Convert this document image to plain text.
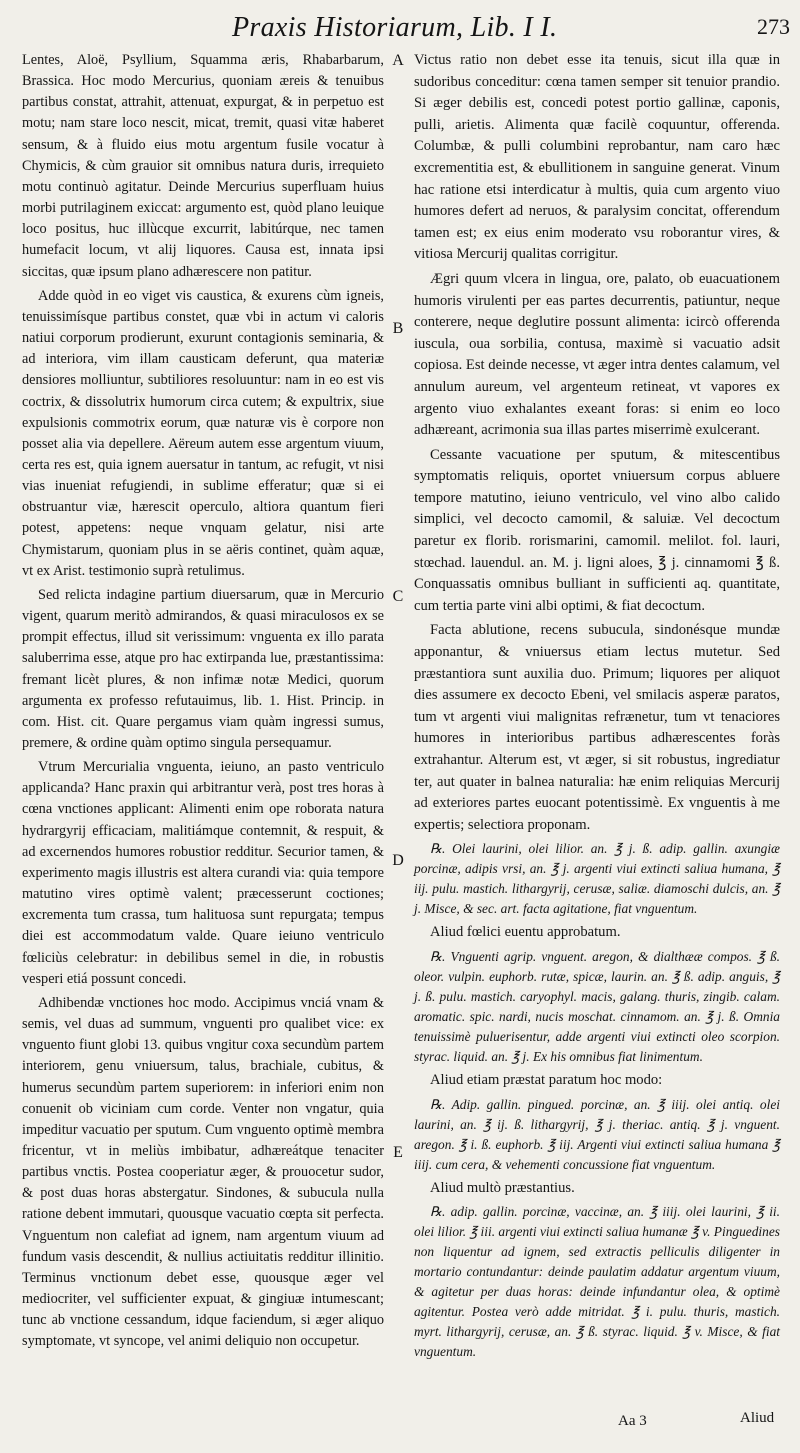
Praxis Historiarum, Lib. I I.	273
A
B
C
D
E

Lentes, Aloë, Psyllium, Squamma æris, Rhabarbarum, Brassica. Hoc modo Mercurius, quoniam æreis & tenuibus partibus constat, attrahit, attenuat, expurgat, & in perpetuo est motu; nam stare loco nescit, micat, tremit, quasi vitæ haberet sensum, & à fluido eius motu argentum fusile vocatur à Chymicis, & cùm grauior sit omnibus natura duris, irrequieto motu continuò agitatur. Deinde Mercurius superfluam huius morbi putrilaginem exiccat: argumento est, quòd plano leuique loco positus, huc illùcque excurrit, labitúrque, nec tamen humefacit locum, vt alij liquores. Causa est, innata ipsi siccitas, quæ ipsum plano adhærescere non patitur.

Adde quòd in eo viget vis caustica, & exurens cùm igneis, tenuissimísque partibus constet, quæ vbi in actum vi caloris natiui corporum prodierunt, exurunt contagionis seminaria, & ad interiora, vim illam causticam deferunt, qua materiæ densiores molliuntur, subtiliores resoluuntur: nam in eo est vis coctrix, & dissolutrix humorum circa cutem; & expultrix, siue expulsionis commotrix eorum, quæ naturæ vis è corpore non posset alia via depellere. Aëreum autem esse argentum viuum, certa res est, quia ignem auersatur in tantum, ac refugit, vt nisi vias inueniat refugiendi, in sublime efferatur; quæ si ei obstruantur viæ, hærescit operculo, altiora quantum fieri potest, appetens: neque vnquam gelatur, nisi arte Chymistarum, quoniam plus in se aëris continet, quàm aquæ, vt ex Arist. testimonio suprà retulimus.

Sed relicta indagine partium diuersarum, quæ in Mercurio vigent, quarum meritò admirandos, & quasi miraculosos ex se prompit effectus, illud sit verissimum: vnguenta ex illo parata saluberrima esse, atque pro hac extirpanda lue, præstantissima: fremant licèt plures, & non infimæ notæ Medici, quorum argumenta ex professo refutauimus, lib. 1. Hist. Princip. in com. Hist. cit. Quare pergamus viam quàm ingressi sumus, premere, & ordine quàm optimo singula persequamur.

Vtrum Mercurialia vnguenta, ieiuno, an pasto ventriculo applicanda? Hanc praxin qui arbitrantur verà, post tres horas à cœna vnctiones applicant: Alimenti enim ope roborata natura hydrargyrij efficaciam, malitiámque contemnit, & respuit, & ad excernendos humores robustior redditur. Securior tamen, & experimento magis illustris est altera curandi via: quia tempore matutino vires optimè valent; præcesserunt coctiones; excrementa tum crassa, tum halituosa sunt repurgata; tempus diei est accommodatum valde. Quare ieiuno ventriculo fœliciùs celebratur: in debilibus semel in die, in robustis vesperi etiá possunt concedi.

Adhibendæ vnctiones hoc modo. Accipimus vnciá vnam & semis, vel duas ad summum, vnguenti pro qualibet vice: ex vnguento fiunt globi 13. quibus vngitur coxa secundùm partem interiorem, genu vniuersum, talus, brachiale, cubitus, & humerus secundùm partem superiorem: in inferiori enim non conuenit ob viciniam cum corde. Venter non vngatur, quia impeditur vacuatio per sputum. Cum vnguento optimè membra fricentur, vt in meliùs imbibatur, adhæreátque tenaciter partibus vnctis. Postea cooperiatur æger, & prouocetur sudor, & post duas horas abstergatur. Sindones, & subucula nulla ratione debent immutari, quousque vacuatio cœpta sit perfecta. Vnguentum non calefiat ad ignem, nam argentum viuum ad fundum vasis descendit, & nullius actiuitatis redditur illinitio. Terminus vnctionum debet esse, quousque æger vel mediocriter, vel sufficienter expuat, & gingiuæ intumescant; tunc ab vnctione cessandum, idque faciendum, si æger aliquo symptomate, vt syncope, vel animi deliquio non occupetur.

Victus ratio non debet esse ita tenuis, sicut illa quæ in sudoribus conceditur: cœna tamen semper sit tenuior prandio. Si æger debilis est, concedi potest portio gallinæ, caponis, pulli, arietis. Alimenta quæ facilè coquuntur, offerenda. Columbæ, & pulli columbini reprobantur, nam caro hæc excrementitia est, & ebullitionem in sanguine generat. Vinum hac ratione etsi interdicatur à multis, quia cum argento viuo humores defert ad neruos, & paralysim concitat, offerendum tamen est; ex eius enim moderato vsu roborantur vires, & vitiosa Mercurij qualitas corrigitur.

Ægri quum vlcera in lingua, ore, palato, ob euacuationem humoris virulenti per eas partes decurrentis, patiuntur, neque conterere, neque deglutire possunt alimenta: icircò offerenda iuscula, oua sorbilia, contusa, maximè si vacuatio adsit copiosa. Est deinde necesse, vt æger intra dentes calamum, vel annulum aureum, vel argenteum retineat, vt vapores ex argento viuo exhalantes exeant foras: si enim eo loco adhæreant, acrimonia sua illas partes miserrimè exulcerant.

Cessante vacuatione per sputum, & mitescentibus symptomatis reliquis, oportet vniuersum corpus abluere tempore matutino, ieiuno ventriculo, vel vino albo calido simplici, vel decocto camomil, & saluiæ. Vel decoctum paretur ex florib. rorismarini, camomil. melilot. fol. lauri, stœchad. lauendul. an. M. j. ligni aloes, ℥ j. cinnamomi ℥ ß. Conquassatis omnibus bulliant in sufficienti aq. quantitate, cum tertia parte vini albi optimi, & fiat decoctum.

Facta ablutione, recens subucula, sindonésque mundæ apponantur, & vniuersus etiam lectus mutetur. Sed præstantiora sunt auxilia duo. Primum; liquores per aliquot dies assumere ex decocto Ebeni, vel smilacis asperæ paratos, tum vt argenti viui malignitas refrænetur, tum vt tenaciores humores in interioribus partibus adhærescentes foràs extrahantur. Alterum est, vt æger, si sit robustus, ingrediatur ter, aut quater in balnea naturalia: hæ enim reliquias Mercurij ad exteriores partes euocant potentissimè. Ex vnguentis à me expertis; selectiora proponam.

℞. Olei laurini, olei lilior. an. ℥ j. ß. adip. gallin. axungiæ porcinæ, adipis vrsi, an. ℥ j. argenti viui extincti saliua humana, ℥ iij. pulu. mastich. lithargyrij, cerusæ, saliæ. diamoschi dulcis, an. ℥ j. Misce, & sec. art. facta agitatione, fiat vnguentum.

Aliud fœlici euentu approbatum.

℞. Vnguenti agrip. vnguent. aregon, & dialthææ compos. ℥ ß. oleor. vulpin. euphorb. rutæ, spicæ, laurin. an. ℥ ß. adip. anguis, ℥ j. ß. pulu. mastich. caryophyl. macis, galang. thuris, zingib. calam. aromatic. spic. nardi, nucis moschat. cinnamom. an. ℥ j. ß. Omnia tenuissimè puluerisentur, adde argenti viui extincti oleo scorpion. styrac. liquid. an. ℥ j. Ex his omnibus fiat linimentum.

Aliud etiam præstat paratum hoc modo:

℞. Adip. gallin. pingued. porcinæ, an. ℥ iiij. olei antiq. olei laurini, an. ℥ ij. ß. lithargyrij, ℥ j. theriac. antiq. ℥ j. vnguent. aregon. ℥ i. ß. euphorb. ℥ iij. Argenti viui extincti saliua humana ℥ iiij. cum cera, & vehementi concussione fiat vnguentum.

Aliud multò præstantius.

℞. adip. gallin. porcinæ, vaccinæ, an. ℥ iiij. olei laurini, ℥ ii. olei lilior. ℥ iii. argenti viui extincti saliua humanæ ℥ v. Pinguedines non liquentur ad ignem, sed extractis pelliculis diligenter in mortario contundantur: deinde paulatim addatur argentum viuum, & agitetur per duas horas: deinde infundantur olea, & optimè agitentur. Postea verò adde mitridat. ℥ i. pulu. thuris, mastich. myrt. lithargyrij, cerusæ, an. ℥ ß. styrac. liquid. ℥ v. Misce, & fiat vnguentum.

Aa 3	Aliud
